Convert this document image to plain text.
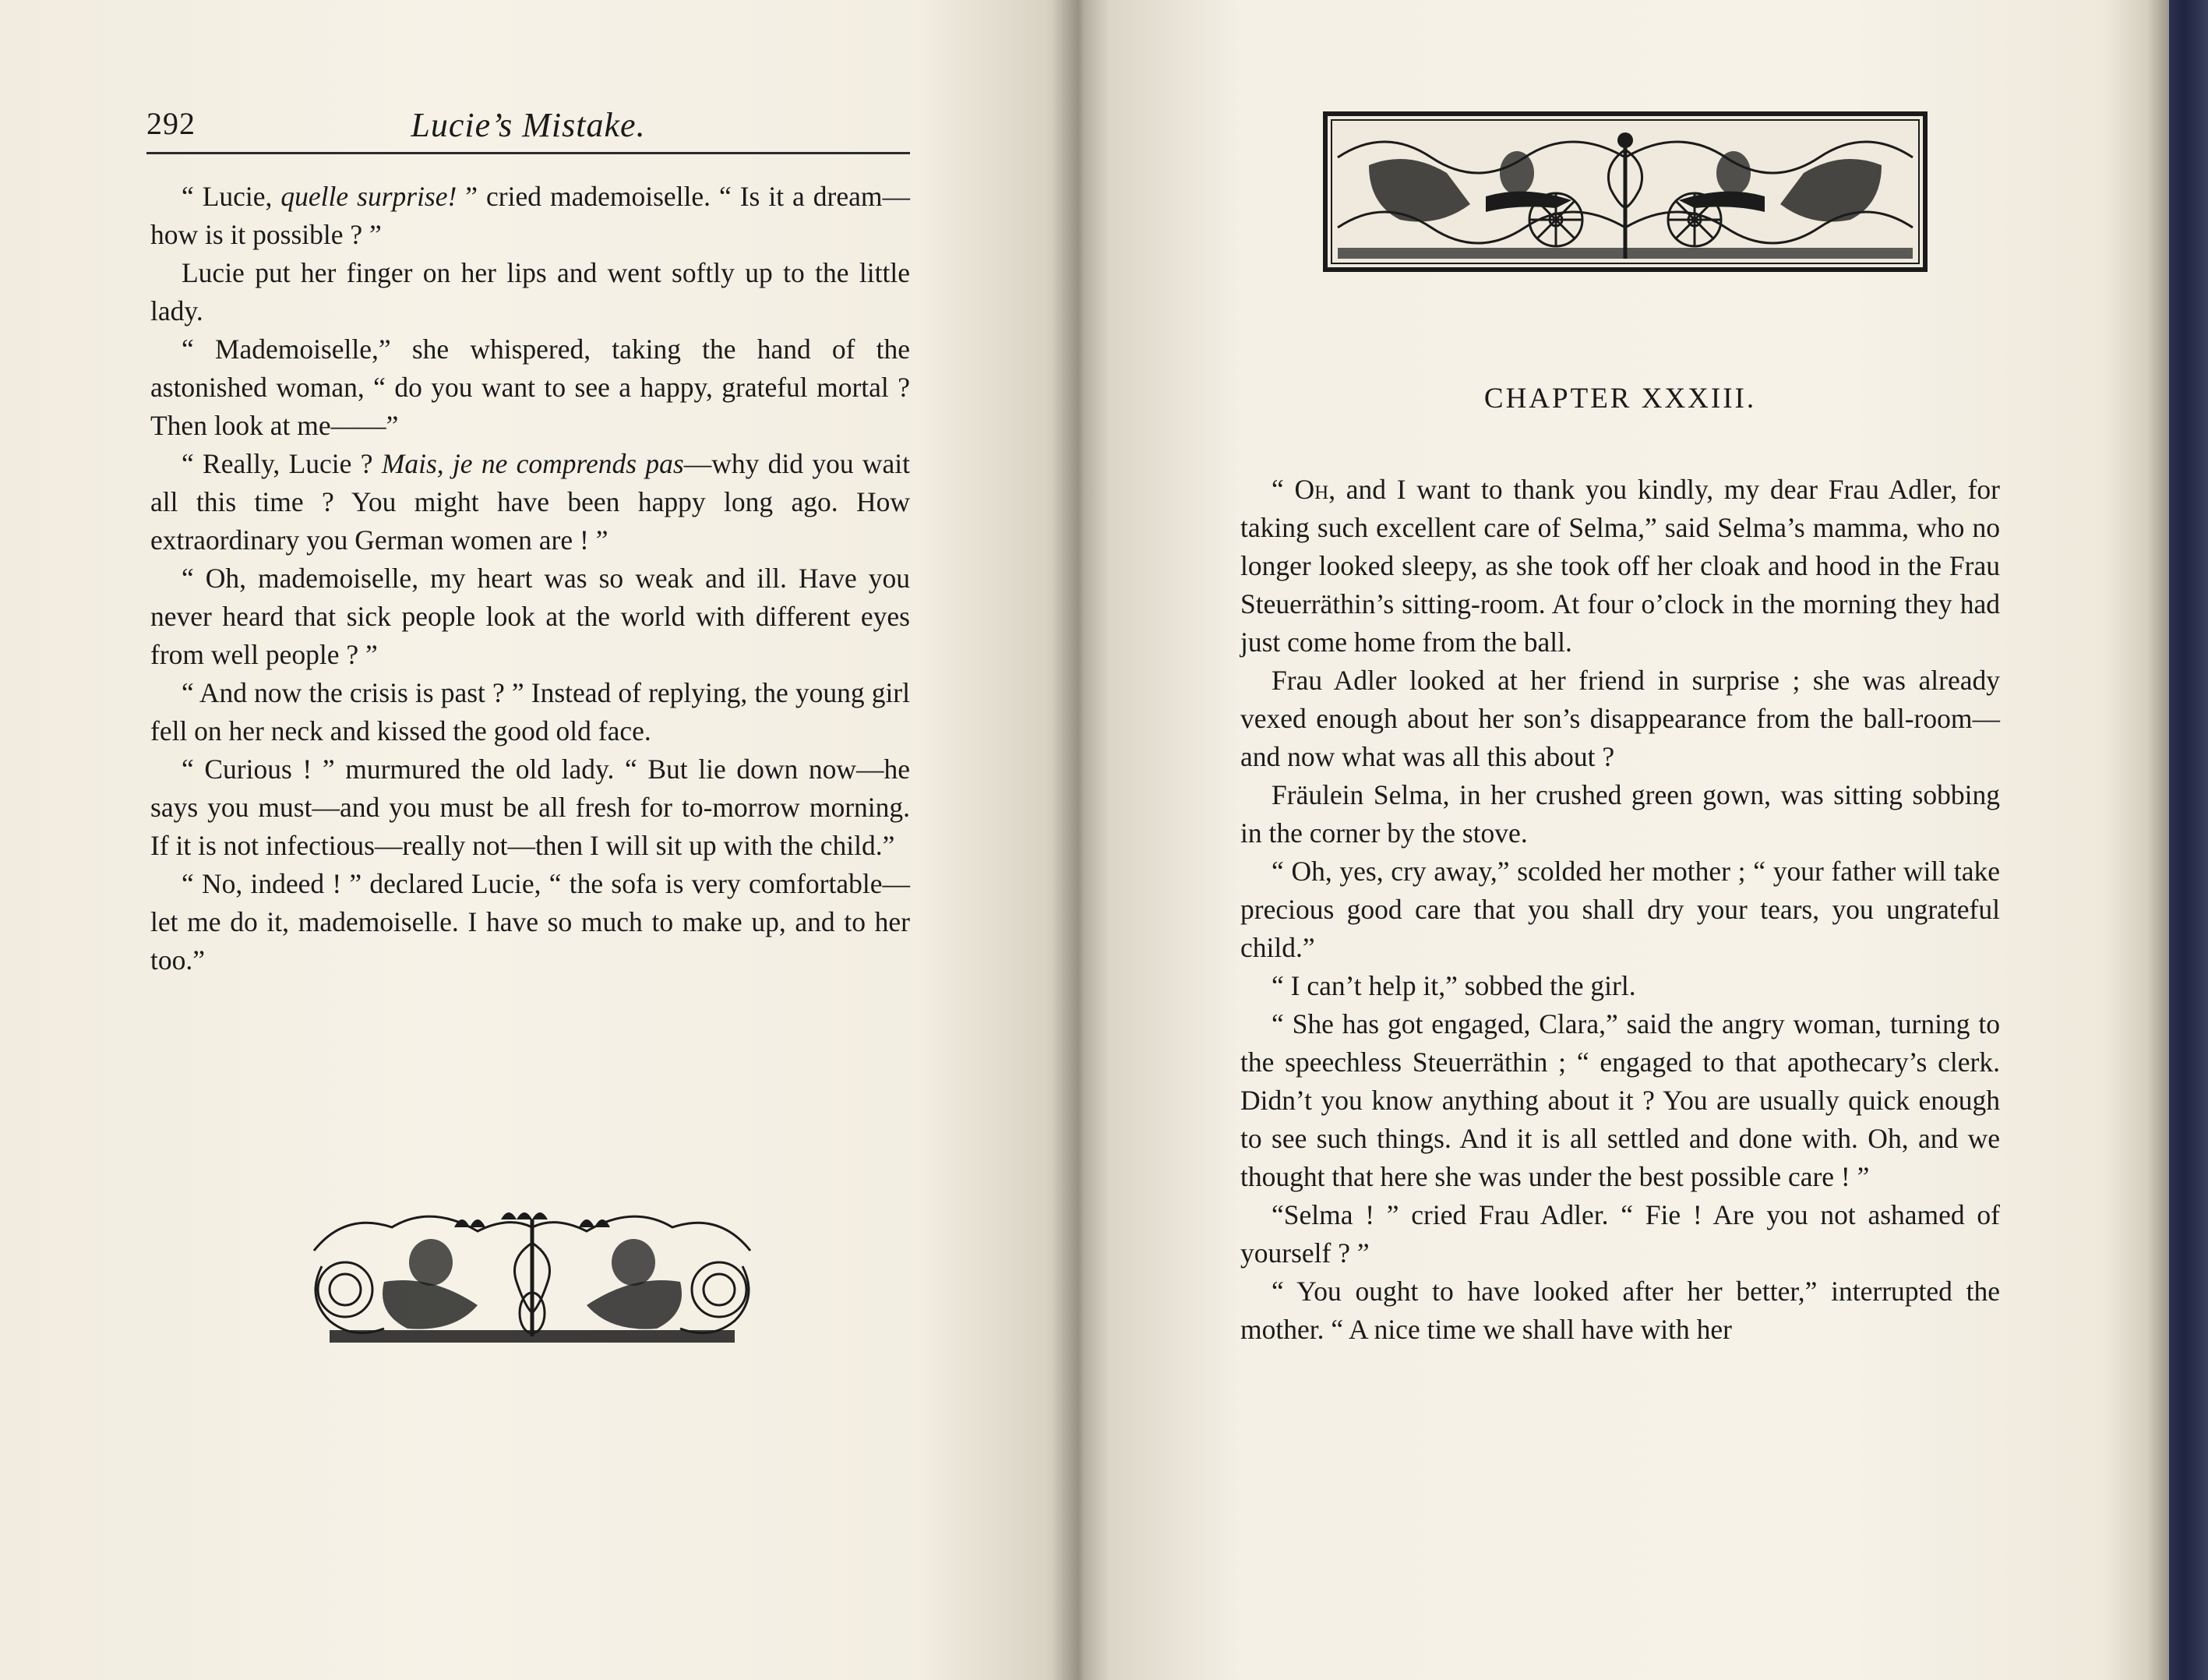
292	Lucie’s Mistake.

“ Lucie, quelle surprise! ” cried mademoiselle. “ Is it a dream—how is it possible ? ”

Lucie put her finger on her lips and went softly up to the little lady.

“ Mademoiselle,” she whispered, taking the hand of the astonished woman, “ do you want to see a happy, grateful mortal ? Then look at me——”

“ Really, Lucie ? Mais, je ne comprends pas—why did you wait all this time ? You might have been happy long ago. How extraordinary you German women are ! ”

“ Oh, mademoiselle, my heart was so weak and ill. Have you never heard that sick people look at the world with different eyes from well people ? ”

“ And now the crisis is past ? ” Instead of replying, the young girl fell on her neck and kissed the good old face.

“ Curious ! ” murmured the old lady. “ But lie down now—he says you must—and you must be all fresh for to-morrow morning. If it is not infectious—really not—then I will sit up with the child.”

“ No, indeed ! ” declared Lucie, “ the sofa is very comfortable—let me do it, mademoiselle. I have so much to make up, and to her too.”

CHAPTER XXXIII.

“ Oh, and I want to thank you kindly, my dear Frau Adler, for taking such excellent care of Selma,” said Selma’s mamma, who no longer looked sleepy, as she took off her cloak and hood in the Frau Steuerräthin’s sitting-room. At four o’clock in the morning they had just come home from the ball.

Frau Adler looked at her friend in surprise ; she was already vexed enough about her son’s disappearance from the ball-room—and now what was all this about ?

Fräulein Selma, in her crushed green gown, was sitting sobbing in the corner by the stove.

“ Oh, yes, cry away,” scolded her mother ; “ your father will take precious good care that you shall dry your tears, you ungrateful child.”

“ I can’t help it,” sobbed the girl.

“ She has got engaged, Clara,” said the angry woman, turning to the speechless Steuerräthin ; “ engaged to that apothecary’s clerk. Didn’t you know anything about it ? You are usually quick enough to see such things. And it is all settled and done with. Oh, and we thought that here she was under the best possible care ! ”

“Selma ! ” cried Frau Adler. “ Fie ! Are you not ashamed of yourself ? ”

“ You ought to have looked after her better,” interrupted the mother. “ A nice time we shall have with her
